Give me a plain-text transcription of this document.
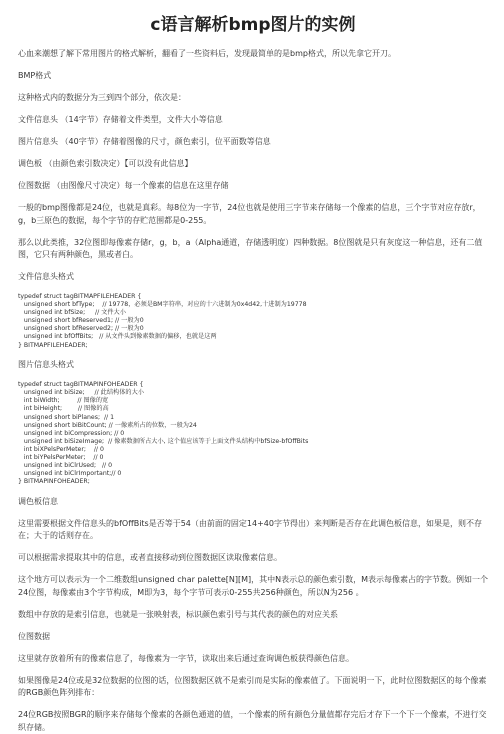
c语言解析bmp图片的实例
心血来潮想了解下常用图片的格式解析，翻看了一些资料后，发现最简单的是bmp格式，所以先拿它开刀。
BMP格式
这种格式内的数据分为三到四个部分，依次是：
文件信息头 （14字节）存储着文件类型，文件大小等信息
图片信息头 （40字节）存储着图像的尺寸，颜色索引，位平面数等信息
调色板 （由颜色索引数决定）【可以没有此信息】
位图数据 （由图像尺寸决定）每一个像素的信息在这里存储
一般的bmp图像都是24位，也就是真彩。每8位为一字节，24位也就是使用三字节来存储每一个像素的信息，三个字节对应存放r，g，b三原色的数据，每个字节的存贮范围都是0-255。
那么以此类推，32位图即每像素存储r，g，b，a（Alpha通道，存储透明度）四种数据。8位图就是只有灰度这一种信息，还有二值图，它只有两种颜色，黑或者白。
文件信息头格式
typedef struct tagBITMAPFILEHEADER {
unsigned short bfType;    // 19778，必须是BM字符串，对应的十六进制为0x4d42,十进制为19778
unsigned int bfSize;     // 文件大小
unsigned short bfReserved1; // 一般为0
unsigned short bfReserved2; // 一般为0
unsigned int bfOffBits;   // 从文件头到像素数据的偏移，也就是这两
} BITMAPFILEHEADER;
图片信息头格式
typedef struct tagBITMAPINFOHEADER {
unsigned int biSize;     // 此结构体的大小
int biWidth;         // 图像的宽
int biHeight;        // 图像的高
unsigned short biPlanes;  // 1
unsigned short biBitCount; // 一像素所占的位数，一般为24
unsigned int biCompression; // 0
unsigned int biSizeImage;  // 像素数据所占大小, 这个值应该等于上面文件头结构中bfSize-bfOffBits
int biXPelsPerMeter;    // 0
int biYPelsPerMeter;    // 0
unsigned int biClrUsed;   // 0
unsigned int biClrImportant;// 0
} BITMAPINFOHEADER;
调色板信息
这里需要根据文件信息头的bfOffBits是否等于54（由前面的固定14+40字节得出）来判断是否存在此调色板信息，如果是，则不存在；大于的话则存在。
可以根据需求提取其中的信息，或者直接移动到位图数据区读取像素信息。
这个地方可以表示为一个二维数组unsigned char palette[N][M]，其中N表示总的颜色索引数，M表示每像素占的字节数。例如一个24位图，每像素由3个字节构成，M即为3，每个字节可表示0-255共256种颜色，所以N为256 。
数组中存放的是索引信息，也就是一张映射表，标识颜色索引号与其代表的颜色的对应关系
位图数据
这里就存放着所有的像素信息了，每像素为一字节，读取出来后通过查询调色板获得颜色信息。
如果图像是24位或是32位数据的位图的话，位图数据区就不是索引而是实际的像素值了。下面说明一下，此时位图数据区的每个像素的RGB颜色阵列排布：
24位RGB按照BGR的顺序来存储每个像素的各颜色通道的值，一个像素的所有颜色分量值都存完后才存下一个下一个像素，不进行交织存储。
